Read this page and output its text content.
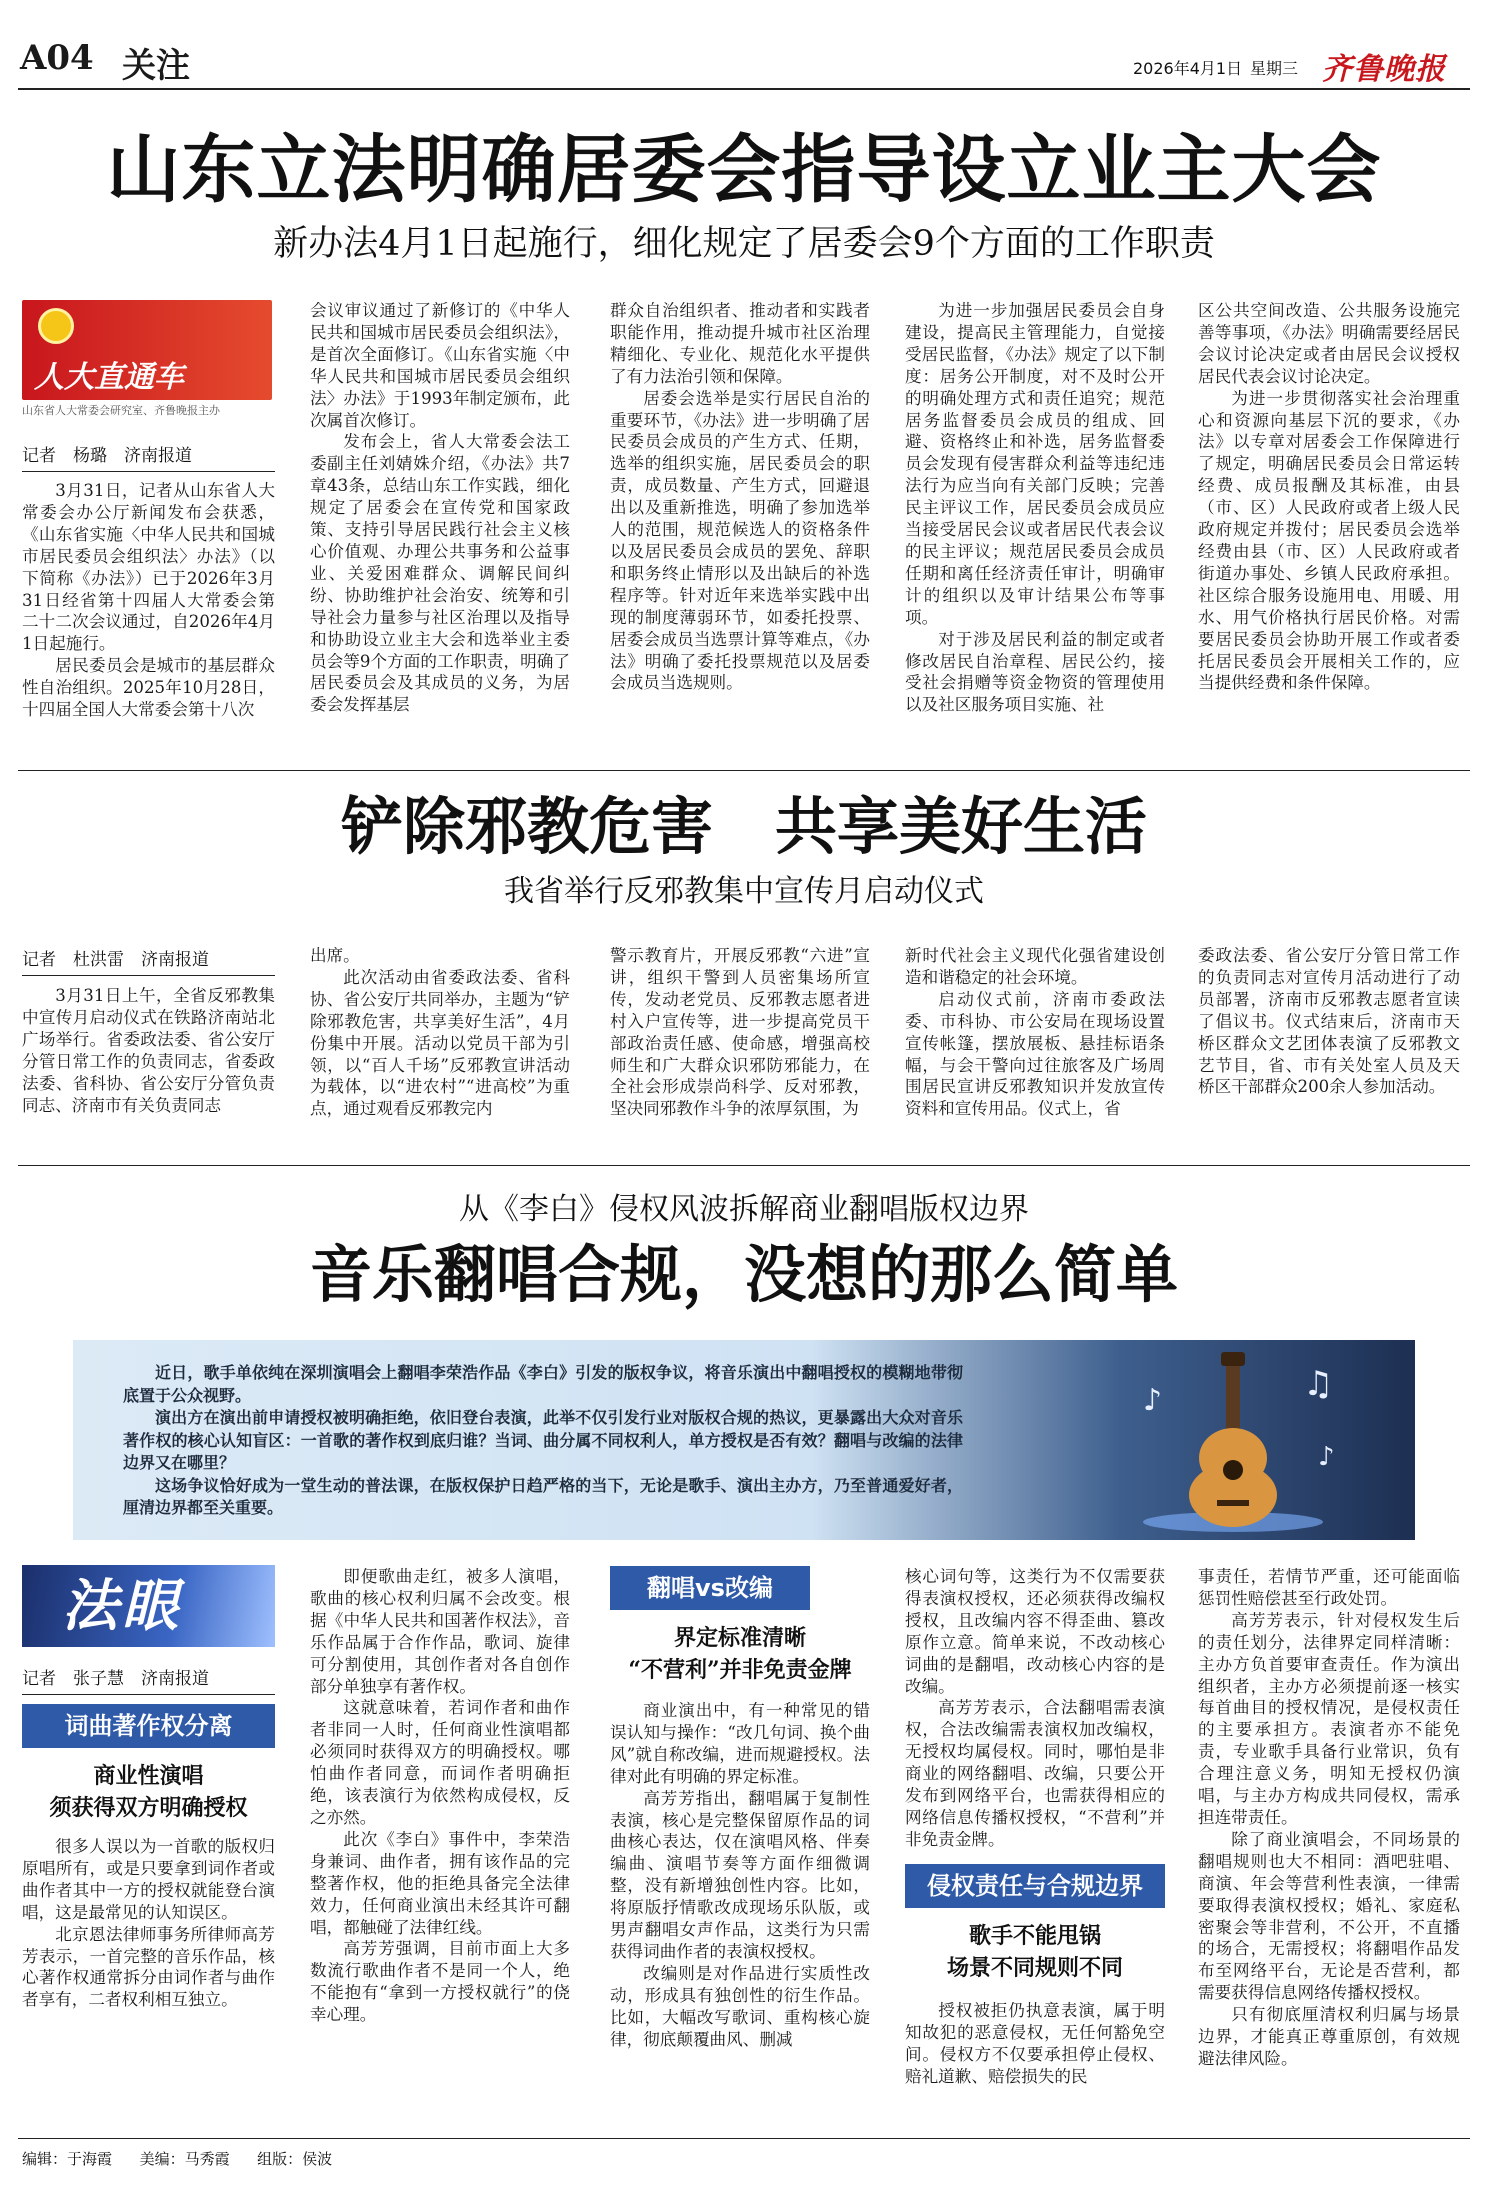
A04 关注	2026年4月1日 星期三 齐鲁晚报
山东立法明确居委会指导设立业主大会
新办法4月1日起施行，细化规定了居委会9个方面的工作职责
人大直通车
山东省人大常委会研究室、齐鲁晚报主办
记者　杨璐　济南报道

3月31日，记者从山东省人大常委会办公厅新闻发布会获悉，《山东省实施〈中华人民共和国城市居民委员会组织法〉办法》（以下简称《办法》）已于2026年3月31日经省第十四届人大常委会第二十二次会议通过，自2026年4月1日起施行。

居民委员会是城市的基层群众性自治组织。2025年10月28日，十四届全国人大常委会第十八次

会议审议通过了新修订的《中华人民共和国城市居民委员会组织法》，是首次全面修订。《山东省实施〈中华人民共和国城市居民委员会组织法〉办法》于1993年制定颁布，此次属首次修订。

发布会上，省人大常委会法工委副主任刘婧姝介绍，《办法》共7章43条，总结山东工作实践，细化规定了居委会在宣传党和国家政策、支持引导居民践行社会主义核心价值观、办理公共事务和公益事业、关爱困难群众、调解民间纠纷、协助维护社会治安、统筹和引导社会力量参与社区治理以及指导和协助设立业主大会和选举业主委员会等9个方面的工作职责，明确了居民委员会及其成员的义务，为居委会发挥基层

群众自治组织者、推动者和实践者职能作用，推动提升城市社区治理精细化、专业化、规范化水平提供了有力法治引领和保障。

居委会选举是实行居民自治的重要环节，《办法》进一步明确了居民委员会成员的产生方式、任期，选举的组织实施，居民委员会的职责，成员数量、产生方式，回避退出以及重新推选，明确了参加选举人的范围，规范候选人的资格条件以及居民委员会成员的罢免、辞职和职务终止情形以及出缺后的补选程序等。针对近年来选举实践中出现的制度薄弱环节，如委托投票、居委会成员当选票计算等难点，《办法》明确了委托投票规范以及居委会成员当选规则。

为进一步加强居民委员会自身建设，提高民主管理能力，自觉接受居民监督，《办法》规定了以下制度：居务公开制度，对不及时公开的明确处理方式和责任追究；规范居务监督委员会成员的组成、回避、资格终止和补选，居务监督委员会发现有侵害群众利益等违纪违法行为应当向有关部门反映；完善民主评议工作，居民委员会成员应当接受居民会议或者居民代表会议的民主评议；规范居民委员会成员任期和离任经济责任审计，明确审计的组织以及审计结果公布等事项。

对于涉及居民利益的制定或者修改居民自治章程、居民公约，接受社会捐赠等资金物资的管理使用以及社区服务项目实施、社

区公共空间改造、公共服务设施完善等事项，《办法》明确需要经居民会议讨论决定或者由居民会议授权居民代表会议讨论决定。

为进一步贯彻落实社会治理重心和资源向基层下沉的要求，《办法》以专章对居委会工作保障进行了规定，明确居民委员会日常运转经费、成员报酬及其标准，由县（市、区）人民政府或者上级人民政府规定并拨付；居民委员会选举经费由县（市、区）人民政府或者街道办事处、乡镇人民政府承担。社区综合服务设施用电、用暖、用水、用气价格执行居民价格。对需要居民委员会协助开展工作或者委托居民委员会开展相关工作的，应当提供经费和条件保障。

铲除邪教危害　共享美好生活
我省举行反邪教集中宣传月启动仪式
记者　杜洪雷　济南报道

3月31日上午，全省反邪教集中宣传月启动仪式在铁路济南站北广场举行。省委政法委、省公安厅分管日常工作的负责同志，省委政法委、省科协、省公安厅分管负责同志、济南市有关负责同志

出席。

此次活动由省委政法委、省科协、省公安厅共同举办，主题为“铲除邪教危害，共享美好生活”，4月份集中开展。活动以党员干部为引领，以“百人千场”反邪教宣讲活动为载体，以“进农村”“进高校”为重点，通过观看反邪教完内

警示教育片，开展反邪教“六进”宣讲，组织干警到人员密集场所宣传，发动老党员、反邪教志愿者进村入户宣传等，进一步提高党员干部政治责任感、使命感，增强高校师生和广大群众识邪防邪能力，在全社会形成崇尚科学、反对邪教，坚决同邪教作斗争的浓厚氛围，为

新时代社会主义现代化强省建设创造和谐稳定的社会环境。

启动仪式前，济南市委政法委、市科协、市公安局在现场设置宣传帐篷，摆放展板、悬挂标语条幅，与会干警向过往旅客及广场周围居民宣讲反邪教知识并发放宣传资料和宣传用品。仪式上，省

委政法委、省公安厅分管日常工作的负责同志对宣传月活动进行了动员部署，济南市反邪教志愿者宣读了倡议书。仪式结束后，济南市天桥区群众文艺团体表演了反邪教文艺节目，省、市有关处室人员及天桥区干部群众200余人参加活动。

从《李白》侵权风波拆解商业翻唱版权边界
音乐翻唱合规，没想的那么简单

近日，歌手单依纯在深圳演唱会上翻唱李荣浩作品《李白》引发的版权争议，将音乐演出中翻唱授权的模糊地带彻底置于公众视野。

演出方在演出前申请授权被明确拒绝，依旧登台表演，此举不仅引发行业对版权合规的热议，更暴露出大众对音乐著作权的核心认知盲区：一首歌的著作权到底归谁？当词、曲分属不同权利人，单方授权是否有效？翻唱与改编的法律边界又在哪里？

这场争议恰好成为一堂生动的普法课，在版权保护日趋严格的当下，无论是歌手、演出主办方，乃至普通爱好者，厘清边界都至关重要。

♪	♫
♪
法眼
记者　张子慧　济南报道
词曲著作权分离
商业性演唱
须获得双方明确授权

很多人误以为一首歌的版权归原唱所有，或是只要拿到词作者或曲作者其中一方的授权就能登台演唱，这是最常见的认知误区。

北京恩法律师事务所律师高芳芳表示，一首完整的音乐作品，核心著作权通常拆分由词作者与曲作者享有，二者权利相互独立。

即便歌曲走红，被多人演唱，歌曲的核心权利归属不会改变。根据《中华人民共和国著作权法》，音乐作品属于合作作品，歌词、旋律可分割使用，其创作者对各自创作部分单独享有著作权。

这就意味着，若词作者和曲作者非同一人时，任何商业性演唱都必须同时获得双方的明确授权。哪怕曲作者同意，而词作者明确拒绝，该表演行为依然构成侵权，反之亦然。

此次《李白》事件中，李荣浩身兼词、曲作者，拥有该作品的完整著作权，他的拒绝具备完全法律效力，任何商业演出未经其许可翻唱，都触碰了法律红线。

高芳芳强调，目前市面上大多数流行歌曲作者不是同一个人，绝不能抱有“拿到一方授权就行”的侥幸心理。

翻唱vs改编
界定标准清晰
“不营利”并非免责金牌

商业演出中，有一种常见的错误认知与操作：“改几句词、换个曲风”就自称改编，进而规避授权。法律对此有明确的界定标准。

高芳芳指出，翻唱属于复制性表演，核心是完整保留原作品的词曲核心表达，仅在演唱风格、伴奏编曲、演唱节奏等方面作细微调整，没有新增独创性内容。比如，将原版抒情歌改成现场乐队版，或男声翻唱女声作品，这类行为只需获得词曲作者的表演权授权。

改编则是对作品进行实质性改动，形成具有独创性的衍生作品。比如，大幅改写歌词、重构核心旋律，彻底颠覆曲风、删减

核心词句等，这类行为不仅需要获得表演权授权，还必须获得改编权授权，且改编内容不得歪曲、篡改原作立意。简单来说，不改动核心词曲的是翻唱，改动核心内容的是改编。

高芳芳表示，合法翻唱需表演权，合法改编需表演权加改编权，无授权均属侵权。同时，哪怕是非商业的网络翻唱、改编，只要公开发布到网络平台，也需获得相应的网络信息传播权授权，“不营利”并非免责金牌。

侵权责任与合规边界
歌手不能甩锅
场景不同规则不同

授权被拒仍执意表演，属于明知故犯的恶意侵权，无任何豁免空间。侵权方不仅要承担停止侵权、赔礼道歉、赔偿损失的民

事责任，若情节严重，还可能面临惩罚性赔偿甚至行政处罚。

高芳芳表示，针对侵权发生后的责任划分，法律界定同样清晰：主办方负首要审查责任。作为演出组织者，主办方必须提前逐一核实每首曲目的授权情况，是侵权责任的主要承担方。表演者亦不能免责，专业歌手具备行业常识，负有合理注意义务，明知无授权仍演唱，与主办方构成共同侵权，需承担连带责任。

除了商业演唱会，不同场景的翻唱规则也大不相同：酒吧驻唱、商演、年会等营利性表演，一律需要取得表演权授权；婚礼、家庭私密聚会等非营利，不公开，不直播的场合，无需授权；将翻唱作品发布至网络平台，无论是否营利，都需要获得信息网络传播权授权。

只有彻底厘清权利归属与场景边界，才能真正尊重原创，有效规避法律风险。

编辑：于海霞 美编：马秀霞 组版：侯波
